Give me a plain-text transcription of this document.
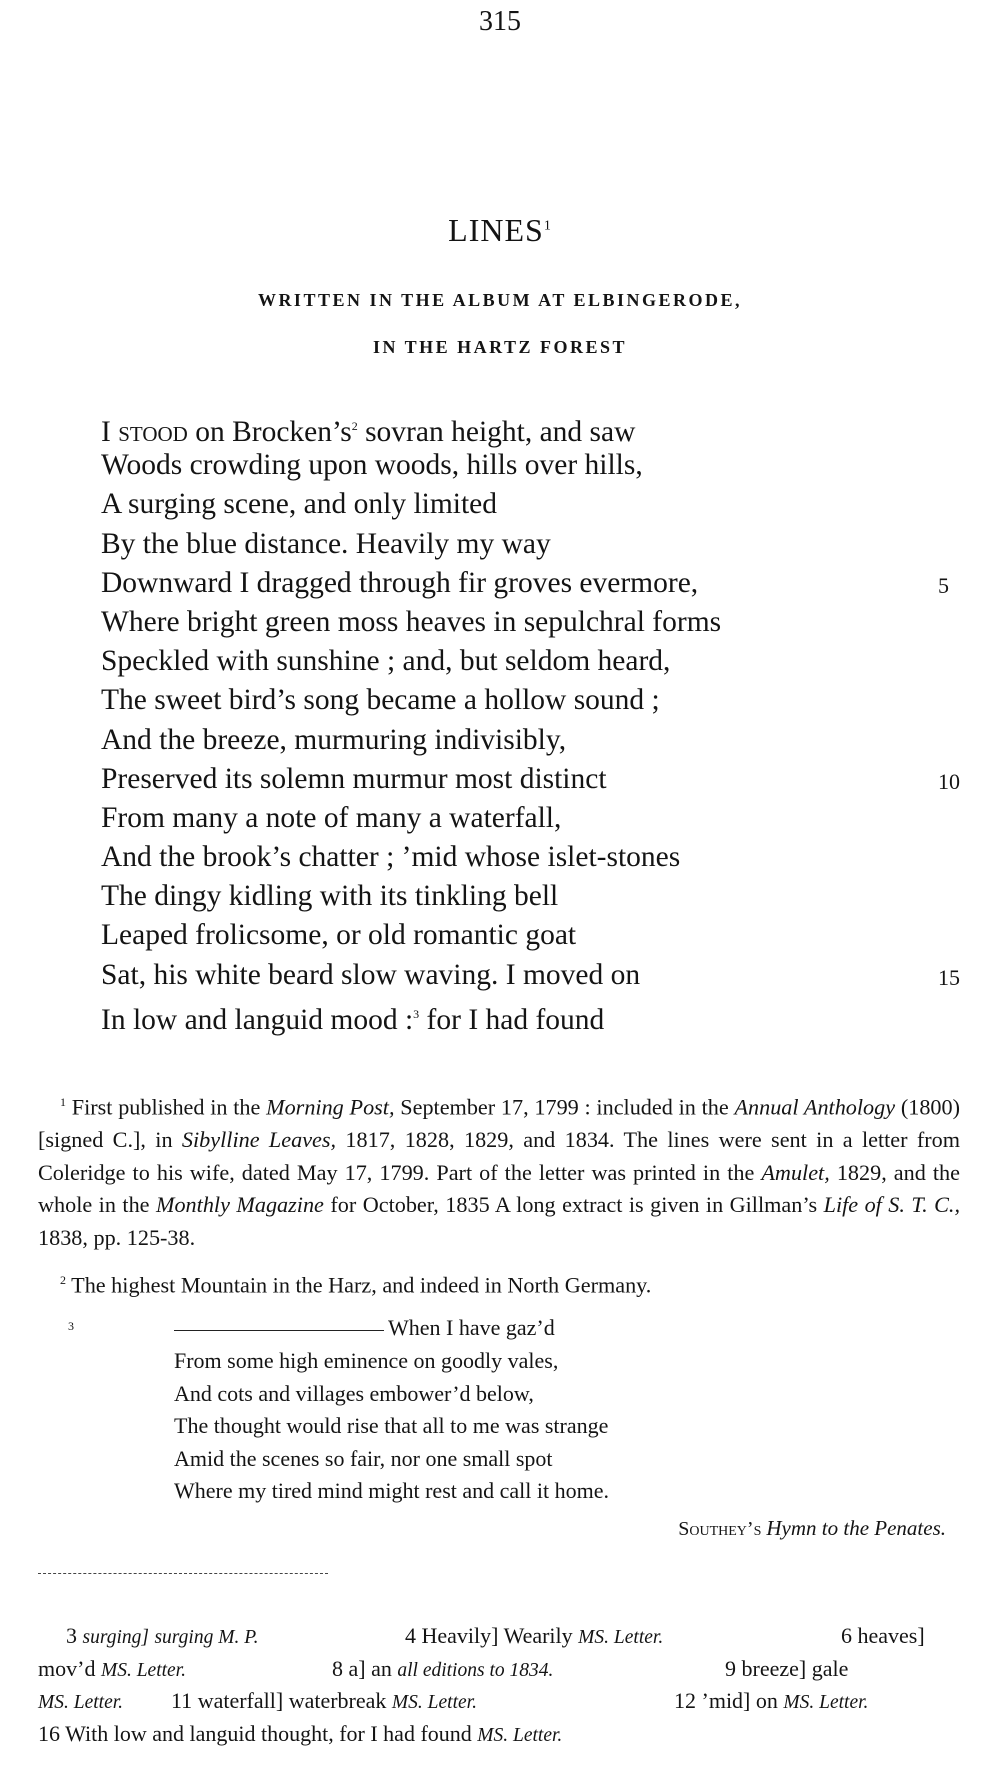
315
LINES$^1$
WRITTEN IN THE ALBUM AT ELBINGERODE,
IN THE HARTZ FOREST
I stood on $Brocken’s^2$ sovran height, and saw
Woods crowding upon woods, hills over hills,
A surging scene, and only limited
By the blue distance. Heavily my way
Downward I dragged through fir groves evermore,	5
Where bright green moss heaves in sepulchral forms
Speckled with sunshine ; and, but seldom heard,
The sweet bird’s song became a hollow sound ;
And the breeze, murmuring indivisibly,
Preserved its solemn murmur most distinct	10
From many a note of many a waterfall,
And the brook’s chatter ; ’mid whose islet-stones
The dingy kidling with its tinkling bell
Leaped frolicsome, or old romantic goat
Sat, his white beard slow waving. I moved on	15
In low and languid mood :$^3$ for I had found

$^1$ First published in the Morning Post, September 17, 1799 : included in the Annual Anthology (1800) [signed C.], in Sibylline Leaves, 1817, 1828, 1829, and 1834. The lines were sent in a letter from Coleridge to his wife, dated May 17, 1799. Part of the letter was printed in the Amulet, 1829, and the whole in the Monthly Magazine for October, 1835 A long extract is given in Gillman’s Life of S. T. C., 1838, pp. 125-38.

$^2$ The highest Mountain in the Harz, and indeed in North Germany.

3	When I have gaz’d
From some high eminence on goodly vales,
And cots and villages embower’d below,
The thought would rise that all to me was strange
Amid the scenes so fair, nor one small spot
Where my tired mind might rest and call it home.
Southey’s Hymn to the Penates.
3 surging] surging M. P.	4 Heavily] Wearily MS. Letter.	6 heaves]
mov’d MS. Letter.	8 a] an all editions to 1834.	9 breeze] gale
MS. Letter. 11 waterfall] waterbreak MS. Letter.	12 ’mid] on MS. Letter.
16 With low and languid thought, for I had found MS. Letter.
